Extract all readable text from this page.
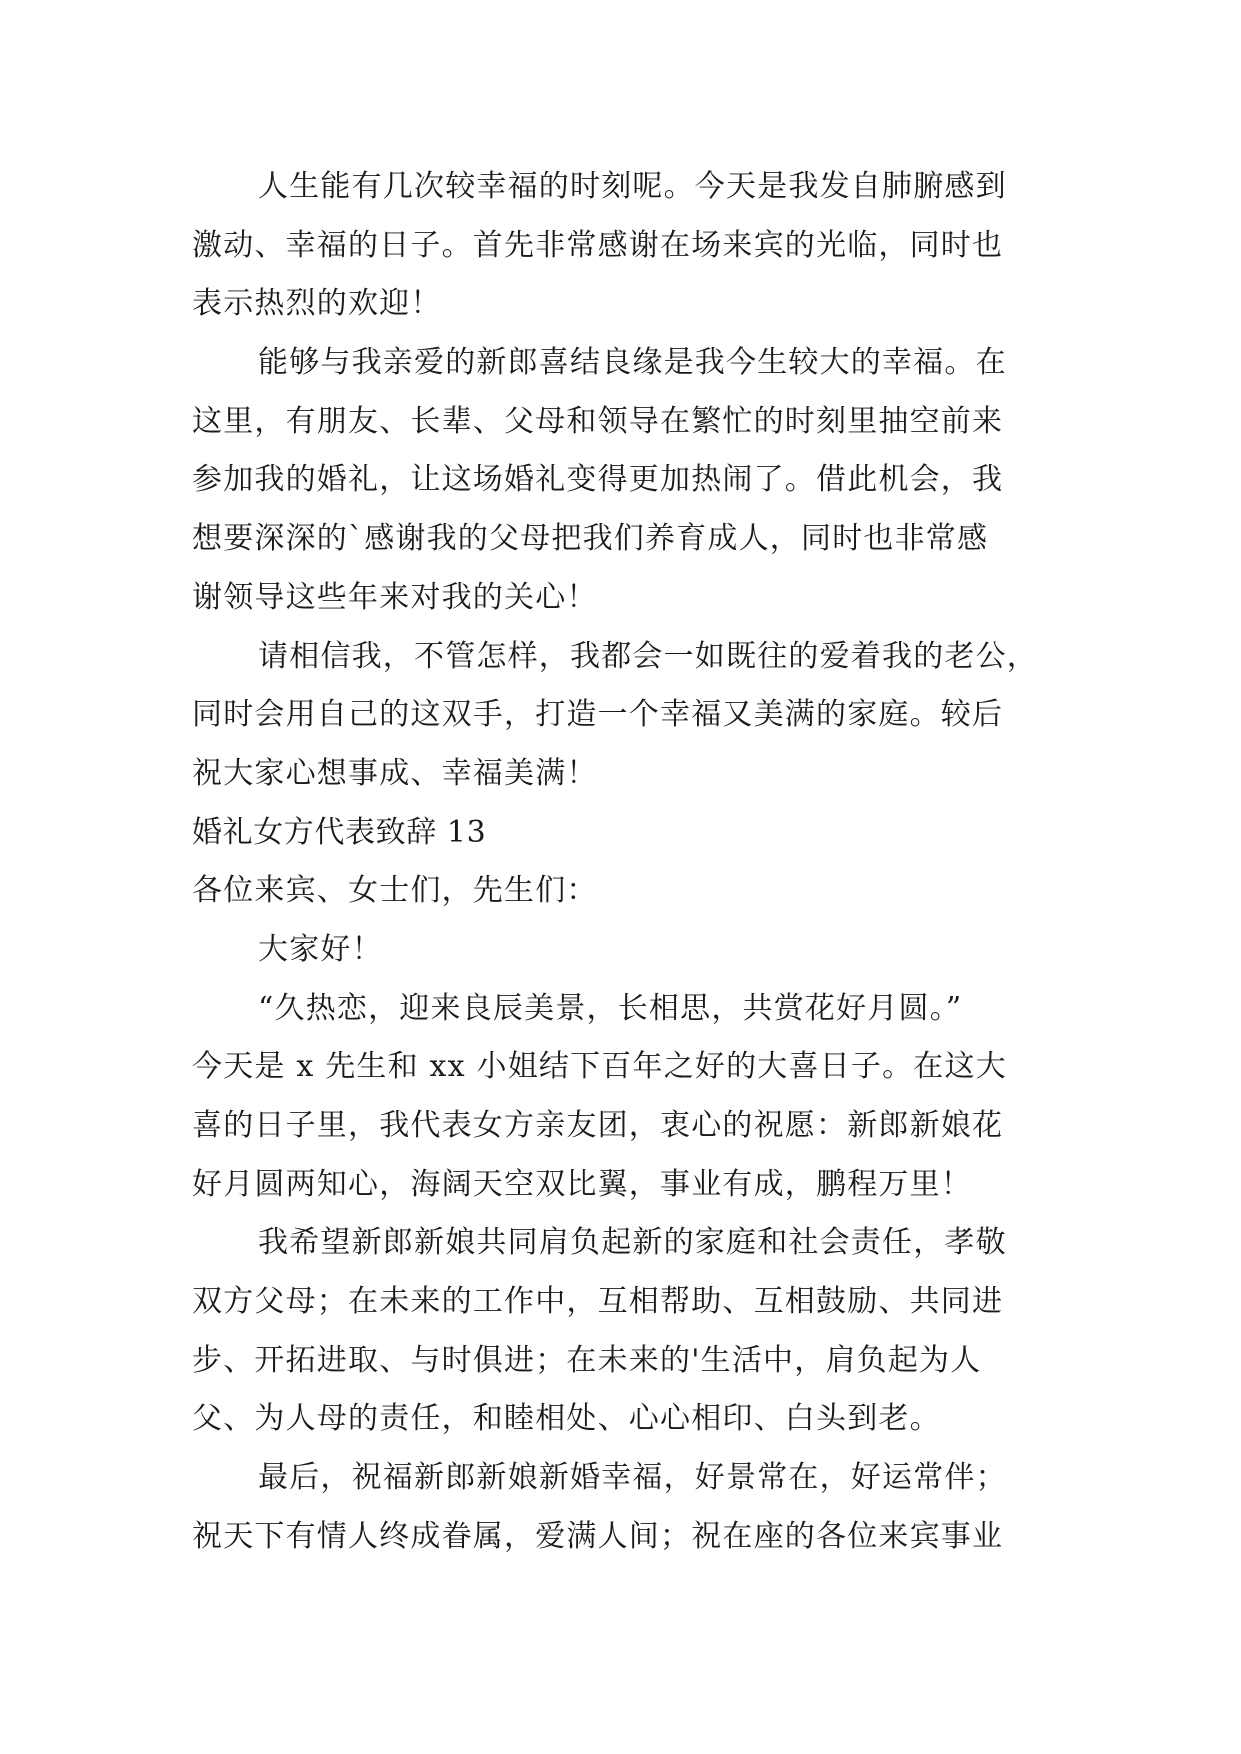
人生能有几次较幸福的时刻呢。今天是我发自肺腑感到
激动、幸福的日子。首先非常感谢在场来宾的光临，同时也
表示热烈的欢迎！
能够与我亲爱的新郎喜结良缘是我今生较大的幸福。在
这里，有朋友、长辈、父母和领导在繁忙的时刻里抽空前来
参加我的婚礼，让这场婚礼变得更加热闹了。借此机会，我
想要深深的`感谢我的父母把我们养育成人，同时也非常感
谢领导这些年来对我的关心！
请相信我，不管怎样，我都会一如既往的爱着我的老公，
同时会用自己的这双手，打造一个幸福又美满的家庭。较后
祝大家心想事成、幸福美满！
婚礼女方代表致辞 13
各位来宾、女士们，先生们：
大家好！
“久热恋，迎来良辰美景，长相思，共赏花好月圆。”
今天是 x 先生和 xx 小姐结下百年之好的大喜日子。在这大
喜的日子里，我代表女方亲友团，衷心的祝愿：新郎新娘花
好月圆两知心，海阔天空双比翼，事业有成，鹏程万里！
我希望新郎新娘共同肩负起新的家庭和社会责任，孝敬
双方父母；在未来的工作中，互相帮助、互相鼓励、共同进
步、开拓进取、与时俱进；在未来的'生活中，肩负起为人
父、为人母的责任，和睦相处、心心相印、白头到老。
最后，祝福新郎新娘新婚幸福，好景常在，好运常伴；
祝天下有情人终成眷属，爱满人间；祝在座的各位来宾事业
